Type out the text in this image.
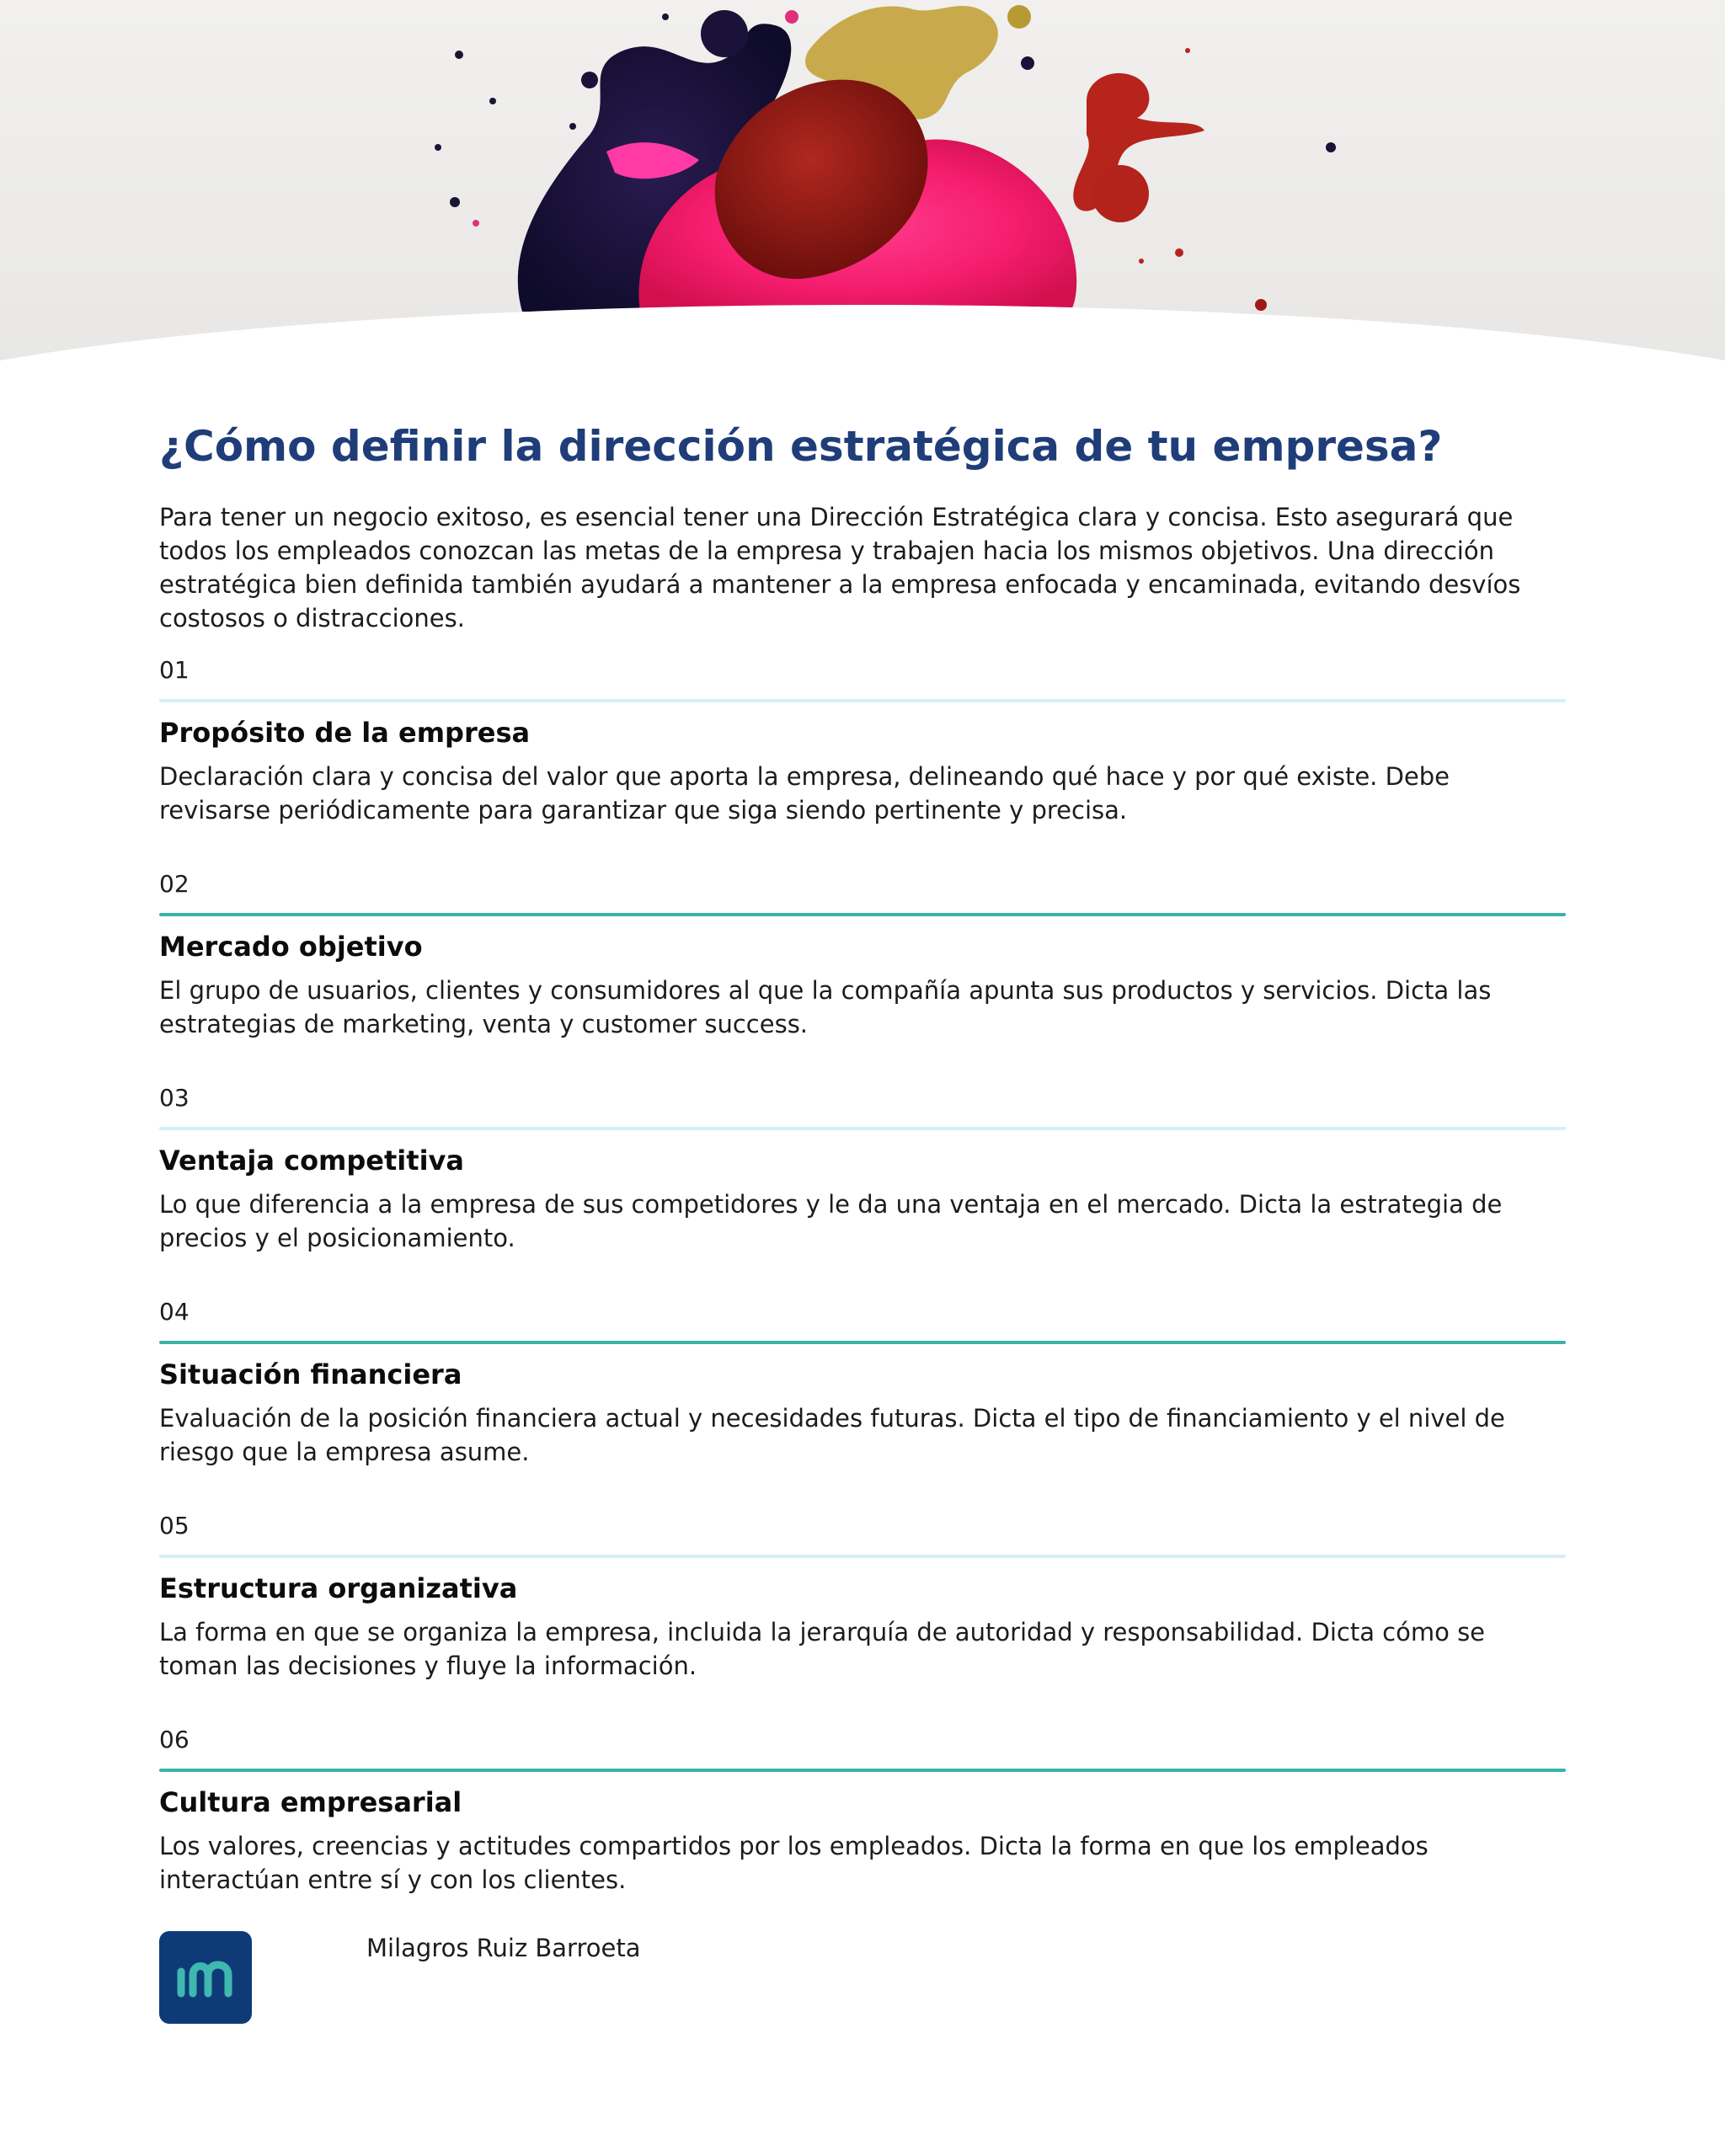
¿Cómo definir la dirección estratégica de tu empresa?

Para tener un negocio exitoso, es esencial tener una Dirección Estratégica clara y concisa. Esto asegurará que todos los empleados conozcan las metas de la empresa y trabajen hacia los mismos objetivos. Una dirección estratégica bien definida también ayudará a mantener a la empresa enfocada y encaminada, evitando desvíos costosos o distracciones.

01
Propósito de la empresa
Declaración clara y concisa del valor que aporta la empresa, delineando qué hace y por qué existe. Debe revisarse periódicamente para garantizar que siga siendo pertinente y precisa.
02
Mercado objetivo
El grupo de usuarios, clientes y consumidores al que la compañía apunta sus productos y servicios. Dicta las estrategias de marketing, venta y customer success.
03
Ventaja competitiva
Lo que diferencia a la empresa de sus competidores y le da una ventaja en el mercado. Dicta la estrategia de precios y el posicionamiento.
04
Situación financiera
Evaluación de la posición financiera actual y necesidades futuras. Dicta el tipo de financiamiento y el nivel de riesgo que la empresa asume.
05
Estructura organizativa
La forma en que se organiza la empresa, incluida la jerarquía de autoridad y responsabilidad. Dicta cómo se toman las decisiones y fluye la información.
06
Cultura empresarial
Los valores, creencias y actitudes compartidos por los empleados. Dicta la forma en que los empleados interactúan entre sí y con los clientes.
Milagros Ruiz Barroeta
